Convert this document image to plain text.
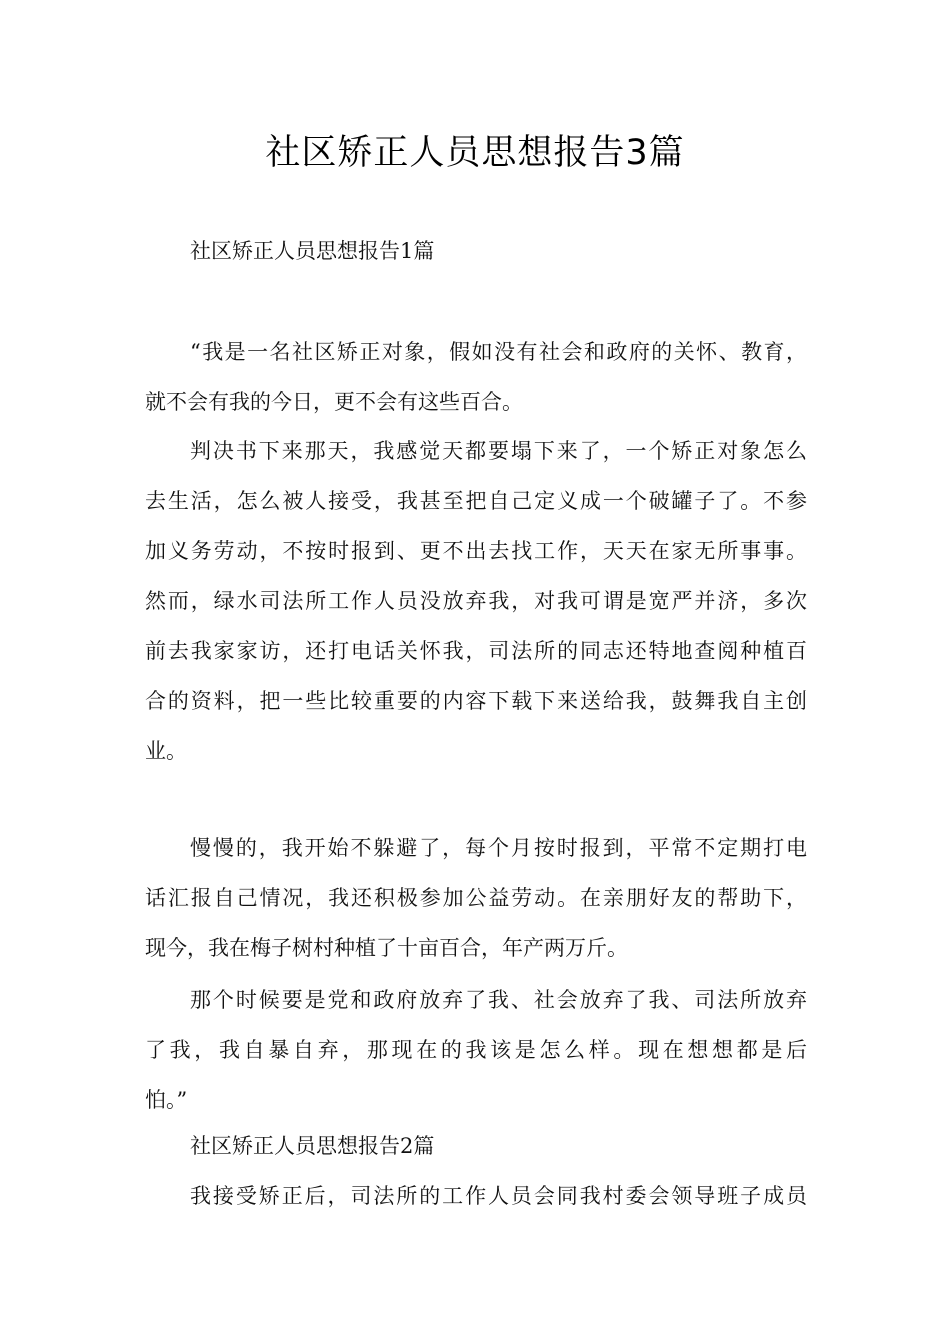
社区矫正人员思想报告3篇
社区矫正人员思想报告1篇
“我是一名社区矫正对象，假如没有社会和政府的关怀、教育，
就不会有我的今日，更不会有这些百合。
判决书下来那天，我感觉天都要塌下来了，一个矫正对象怎么
去生活，怎么被人接受，我甚至把自己定义成一个破罐子了。不参
加义务劳动，不按时报到、更不出去找工作，天天在家无所事事。
然而，绿水司法所工作人员没放弃我，对我可谓是宽严并济，多次
前去我家家访，还打电话关怀我，司法所的同志还特地查阅种植百
合的资料，把一些比较重要的内容下载下来送给我，鼓舞我自主创
业。
慢慢的，我开始不躲避了，每个月按时报到，平常不定期打电
话汇报自己情况，我还积极参加公益劳动。在亲朋好友的帮助下，
现今，我在梅子树村种植了十亩百合，年产两万斤。
那个时候要是党和政府放弃了我、社会放弃了我、司法所放弃
了我，我自暴自弃，那现在的我该是怎么样。现在想想都是后
怕。”
社区矫正人员思想报告2篇
我接受矫正后，司法所的工作人员会同我村委会领导班子成员
